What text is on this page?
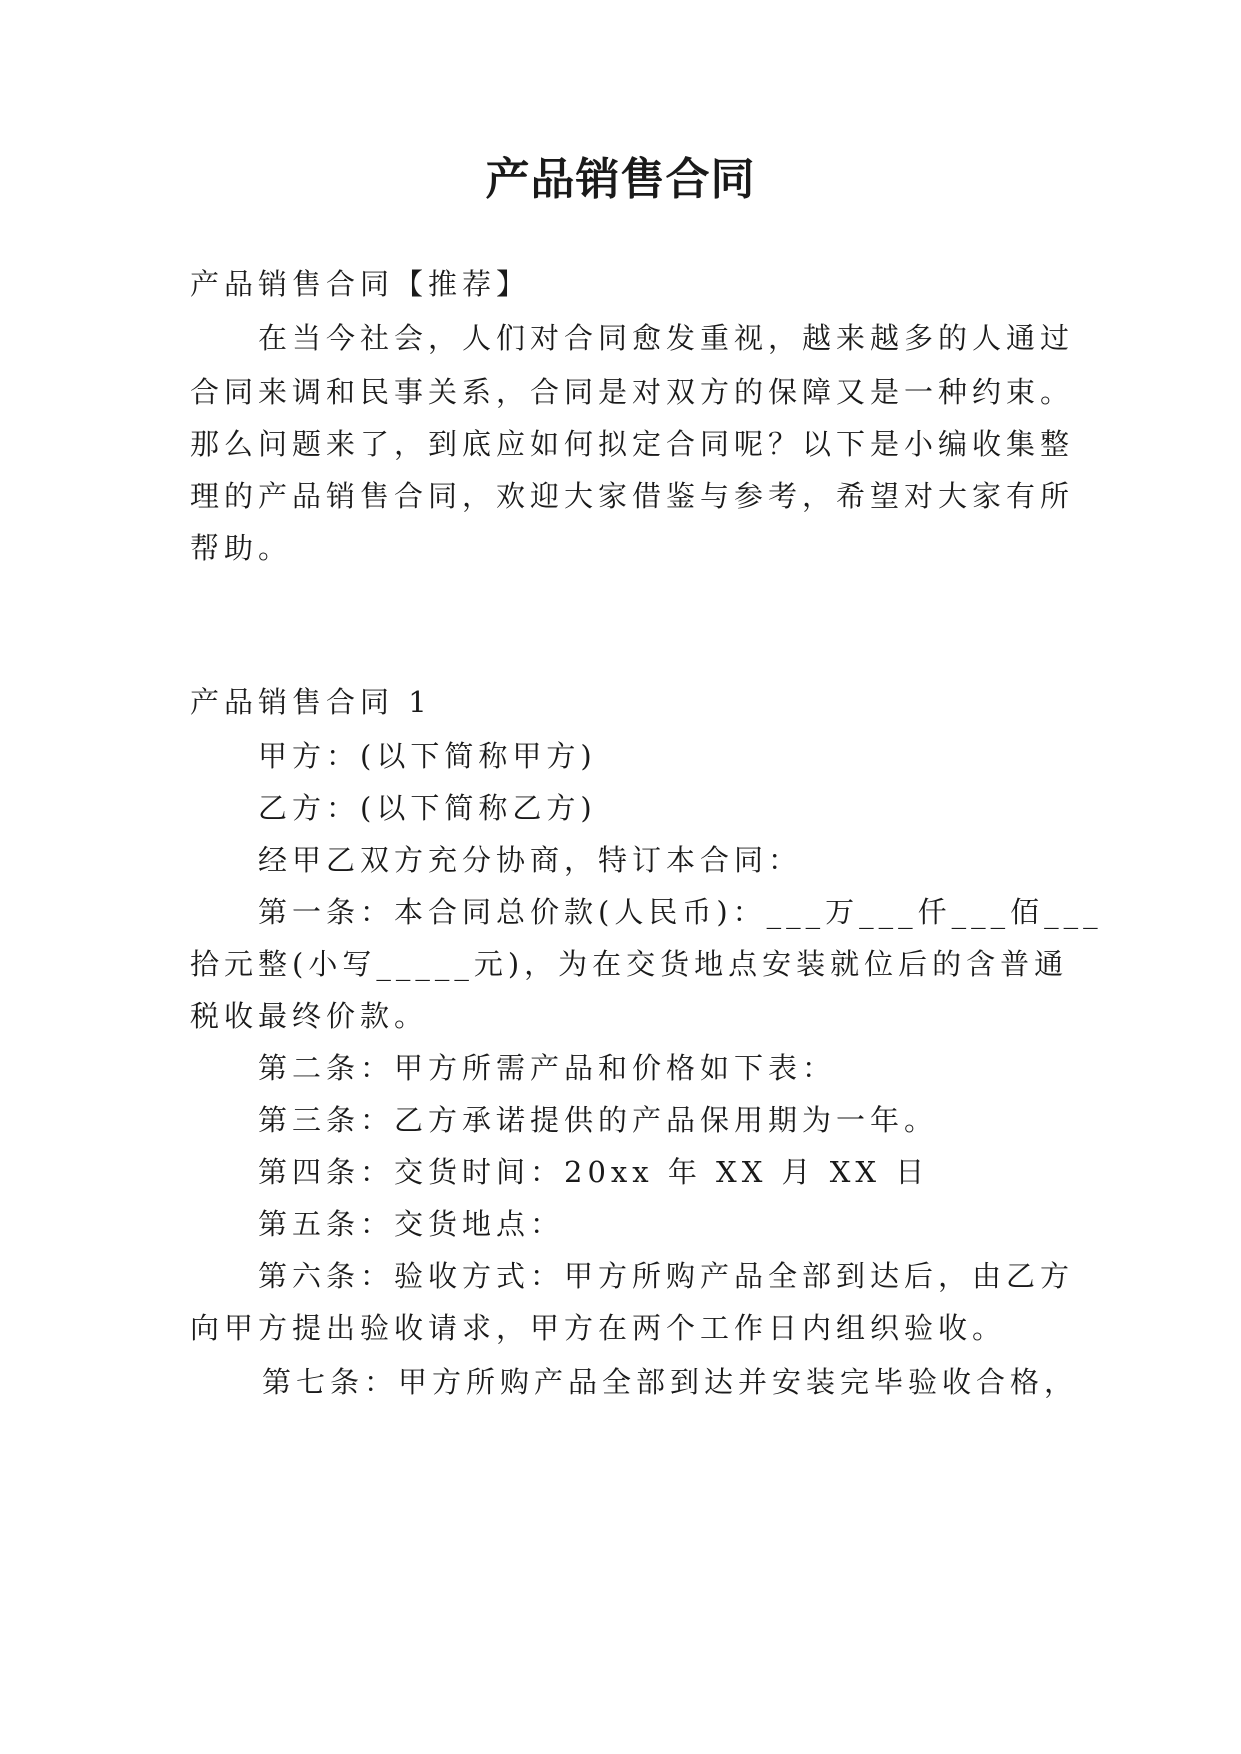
产品销售合同

产品销售合同【推荐】

在当今社会，人们对合同愈发重视，越来越多的人通过

合同来调和民事关系，合同是对双方的保障又是一种约束。

那么问题来了，到底应如何拟定合同呢？以下是小编收集整

理的产品销售合同，欢迎大家借鉴与参考，希望对大家有所

帮助。

产品销售合同 1

甲方：(以下简称甲方)

乙方：(以下简称乙方)

经甲乙双方充分协商，特订本合同：

第一条：本合同总价款(人民币)：___万___仟___佰___

拾元整(小写_____元)，为在交货地点安装就位后的含普通

税收最终价款。

第二条：甲方所需产品和价格如下表：

第三条：乙方承诺提供的产品保用期为一年。

第四条：交货时间：20xx 年 XX 月 XX 日

第五条：交货地点：

第六条：验收方式：甲方所购产品全部到达后，由乙方

向甲方提出验收请求，甲方在两个工作日内组织验收。

第七条：甲方所购产品全部到达并安装完毕验收合格，
